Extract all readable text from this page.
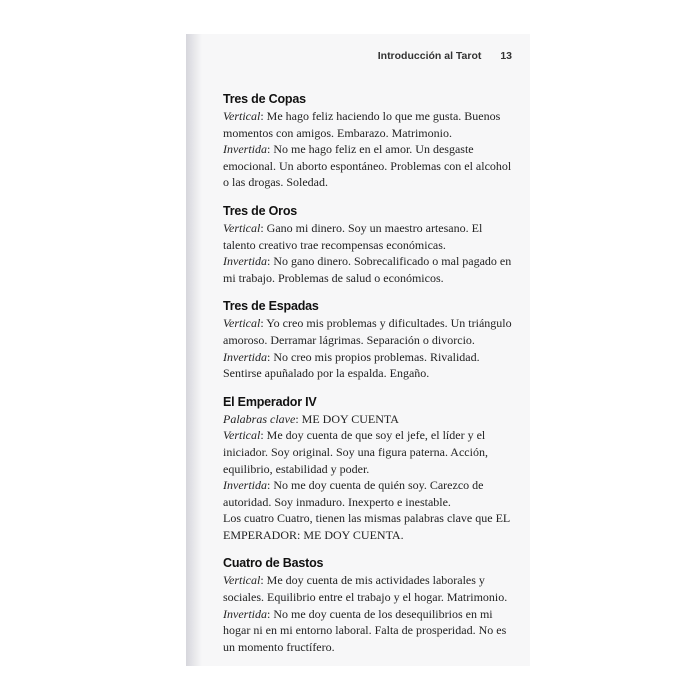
Introducción al Tarot 13
Tres de Copas

Vertical: Me hago feliz haciendo lo que me gusta. Buenos momentos con amigos. Embarazo. Matrimonio.

Invertida: No me hago feliz en el amor. Un desgaste emocional. Un aborto espontáneo. Problemas con el alcohol o las drogas. Soledad.

Tres de Oros

Vertical: Gano mi dinero. Soy un maestro artesano. El talento creativo trae recompensas económicas.

Invertida: No gano dinero. Sobrecalificado o mal pagado en mi trabajo. Problemas de salud o económicos.

Tres de Espadas

Vertical: Yo creo mis problemas y dificultades. Un triángulo amoroso. Derramar lágrimas. Separación o divorcio.

Invertida: No creo mis propios problemas. Rivalidad. Sentirse apuñalado por la espalda. Engaño.

El Emperador IV

Palabras clave: ME DOY CUENTA

Vertical: Me doy cuenta de que soy el jefe, el líder y el iniciador. Soy original. Soy una figura paterna. Acción, equilibrio, estabilidad y poder.

Invertida: No me doy cuenta de quién soy. Carezco de autoridad. Soy inmaduro. Inexperto e inestable.

Los cuatro Cuatro, tienen las mismas palabras clave que EL EMPERADOR: ME DOY CUENTA.

Cuatro de Bastos

Vertical: Me doy cuenta de mis actividades laborales y sociales. Equilibrio entre el trabajo y el hogar. Matrimonio.

Invertida: No me doy cuenta de los desequilibrios en mi hogar ni en mi entorno laboral. Falta de prosperidad. No es un momento fructífero.
